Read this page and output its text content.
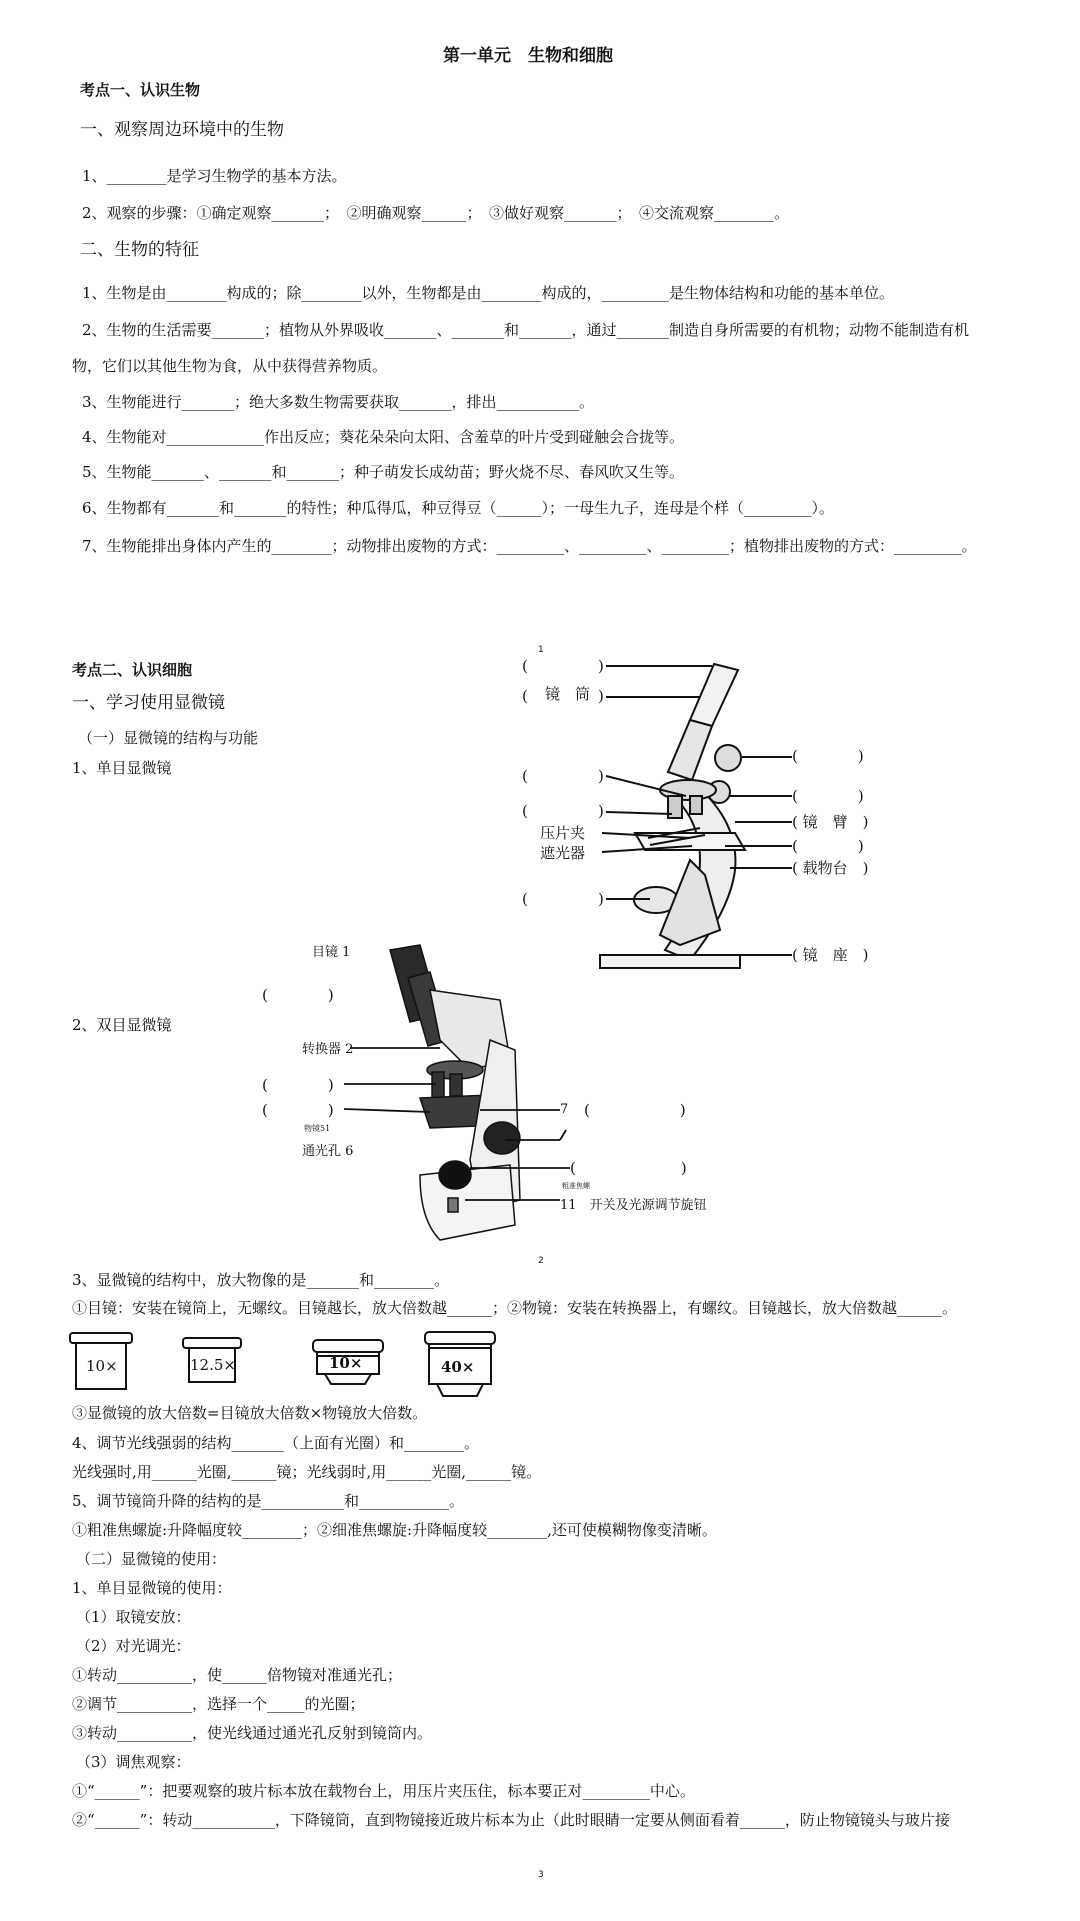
第一单元　生物和细胞
考点一、认识生物
一、观察周边环境中的生物
1、________是学习生物学的基本方法。
2、观察的步骤：①确定观察_______；　②明确观察______；　③做好观察_______；　④交流观察________。
二、生物的特征
1、生物是由________构成的；除________以外，生物都是由________构成的，_________是生物体结构和功能的基本单位。
2、生物的生活需要_______；植物从外界吸收_______、_______和_______，通过_______制造自身所需要的有机物；动物不能制造有机
物，它们以其他生物为食，从中获得营养物质。
3、生物能进行_______；绝大多数生物需要获取_______，排出___________。
4、生物能对_____________作出反应；葵花朵朵向太阳、含羞草的叶片受到碰触会合拢等。
5、生物能_______、_______和_______；种子萌发长成幼苗；野火烧不尽、春风吹又生等。
6、生物都有_______和_______的特性；种瓜得瓜，种豆得豆（______）；一母生九子，连母是个样（_________）。
7、生物能排出身体内产生的________；动物排出废物的方式：_________、_________、_________；植物排出废物的方式：_________。
1
考点二、认识细胞
一、学习使用显微镜
（一）显微镜的结构与功能
1、单目显微镜
2、双目显微镜
(	)
镜　筒
(	)
(　　　　)
(	)
(	)
(　　　　)
( 镜　臂　)
压片夹
遮光器	(　　　　)
( 载物台　)
(	)
( 镜　座　)
目镜 1
(　　　　)
转换器 2
(　　　　)
(　　　　)
物镜51
通光孔 6
7 (　　　　　　)
(　　　　　　　)
粗准焦螺
11　 开关及光源调节旋钮
2
3、显微镜的结构中，放大物像的是_______和________。
①目镜：安装在镜筒上，无螺纹。目镜越长，放大倍数越______；②物镜：安装在转换器上，有螺纹。目镜越长，放大倍数越______。
10×	12.5×	10×	40×
③显微镜的放大倍数=目镜放大倍数×物镜放大倍数。
4、调节光线强弱的结构_______（上面有光圈）和________。
光线强时,用______光圈,______镜；光线弱时,用______光圈,______镜。
5、调节镜筒升降的结构的是___________和____________。
①粗准焦螺旋:升降幅度较________；②细准焦螺旋:升降幅度较________,还可使模糊物像变清晰。
（二）显微镜的使用：
1、单目显微镜的使用：
（1）取镜安放：
（2）对光调光：
①转动__________，使______倍物镜对准通光孔；
②调节__________，选择一个_____的光圈；
③转动__________，使光线通过通光孔反射到镜筒内。
（3）调焦观察：
①“______”：把要观察的玻片标本放在载物台上，用压片夹压住，标本要正对_________中心。
②“______”：转动___________，下降镜筒，直到物镜接近玻片标本为止（此时眼睛一定要从侧面看着______，防止物镜镜头与玻片接
3
